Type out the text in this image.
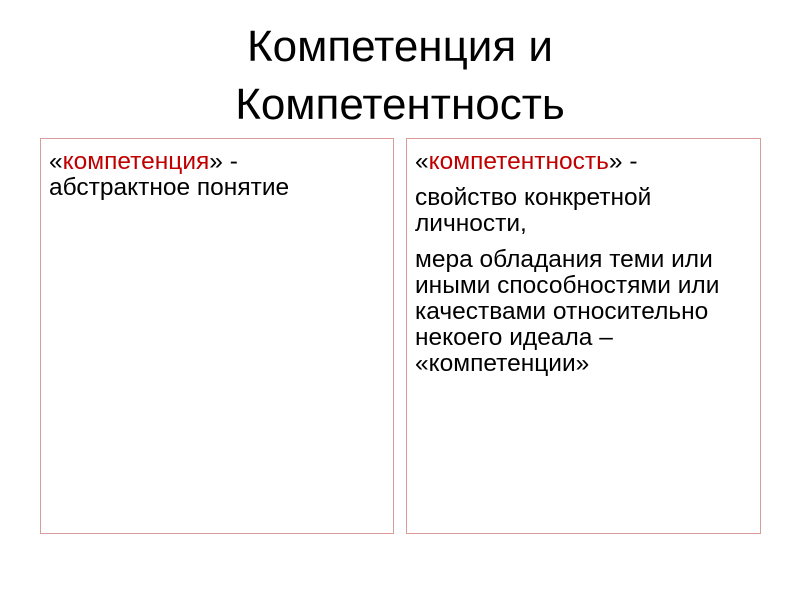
Компетенция и
Компетентность
«компетенция» - абстрактное понятие
«компетентность» -
свойство конкретной личности,
мера обладания теми или иными способностями или качествами относительно некоего идеала – «компетенции»
